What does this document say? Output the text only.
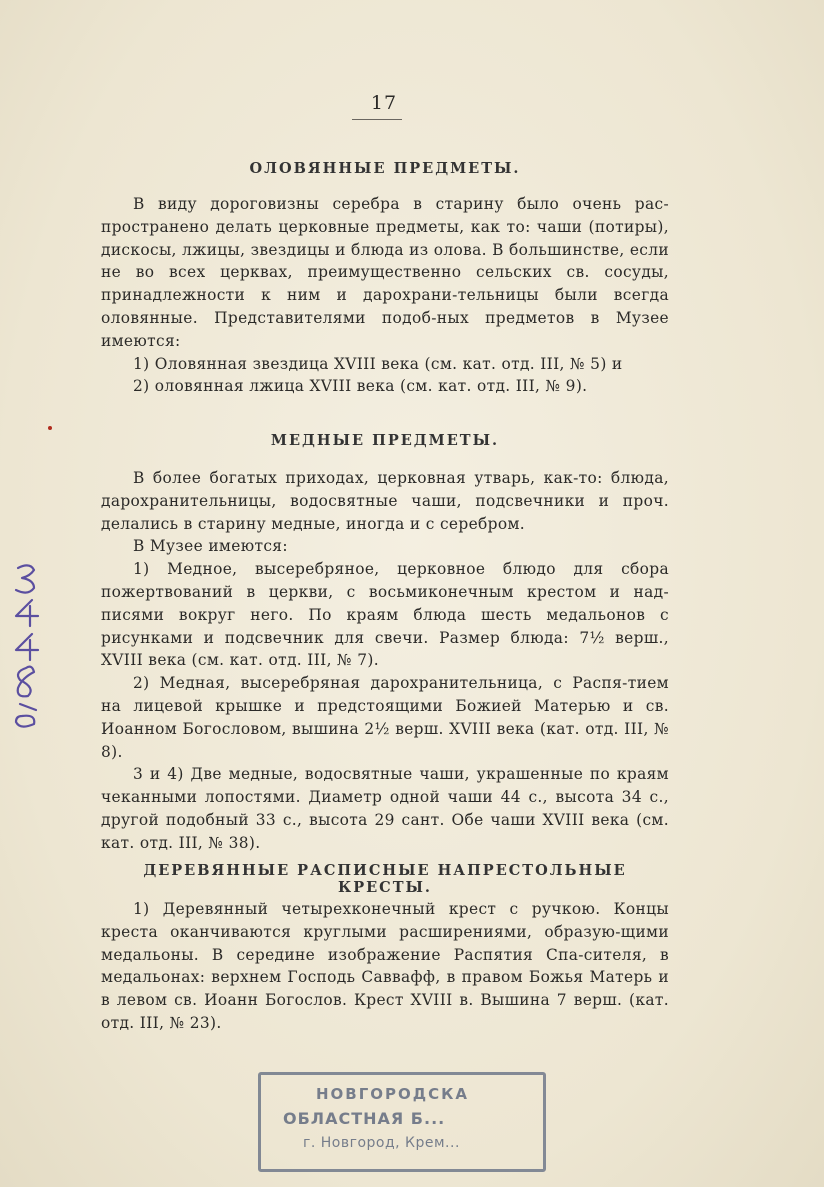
17
ОЛОВЯННЫЕ ПРЕДМЕТЫ.

В виду дороговизны серебра в старину было очень рас-пространено делать церковные предметы, как то: чаши (потиры), дискосы, лжицы, звездицы и блюда из олова. В большинстве, если не во всех церквах, преимущественно сельских св. сосуды, принадлежности к ним и дарохрани-тельницы были всегда оловянные. Представителями подоб-ных предметов в Музее имеются:

1) Оловянная звездица XVIII века (см. кат. отд. III, № 5) и

2) оловянная лжица XVIII века (см. кат. отд. III, № 9).

МЕДНЫЕ ПРЕДМЕТЫ.

В более богатых приходах, церковная утварь, как-то: блюда, дарохранительницы, водосвятные чаши, подсвечники и проч. делались в старину медные, иногда и с серебром.

В Музее имеются:

1) Медное, высеребряное, церковное блюдо для сбора пожертвований в церкви, с восьмиконечным крестом и над-писями вокруг него. По краям блюда шесть медальонов с рисунками и подсвечник для свечи. Размер блюда: 7½ верш., XVIII века (см. кат. отд. III, № 7).

2) Медная, высеребряная дарохранительница, с Распя-тием на лицевой крышке и предстоящими Божией Матерью и св. Иоанном Богословом, вышина 2½ верш. XVIII века (кат. отд. III, № 8).

3 и 4) Две медные, водосвятные чаши, украшенные по краям чеканными лопостями. Диаметр одной чаши 44 с., высота 34 с., другой подобный 33 с., высота 29 сант. Обе чаши XVIII века (см. кат. отд. III, № 38).

ДЕРЕВЯННЫЕ РАСПИСНЫЕ НАПРЕСТОЛЬНЫЕ КРЕСТЫ.

1) Деревянный четырехконечный крест с ручкою. Концы креста оканчиваются круглыми расширениями, образую-щими медальоны. В середине изображение Распятия Спа-сителя, в медальонах: верхнем Господь Саввафф, в правом Божья Матерь и в левом св. Иоанн Богослов. Крест XVIII в. Вышина 7 верш. (кат. отд. III, № 23).

НОВГОРОДСКА
ОБЛАСТНАЯ Б...
г. Новгород, Крем...
